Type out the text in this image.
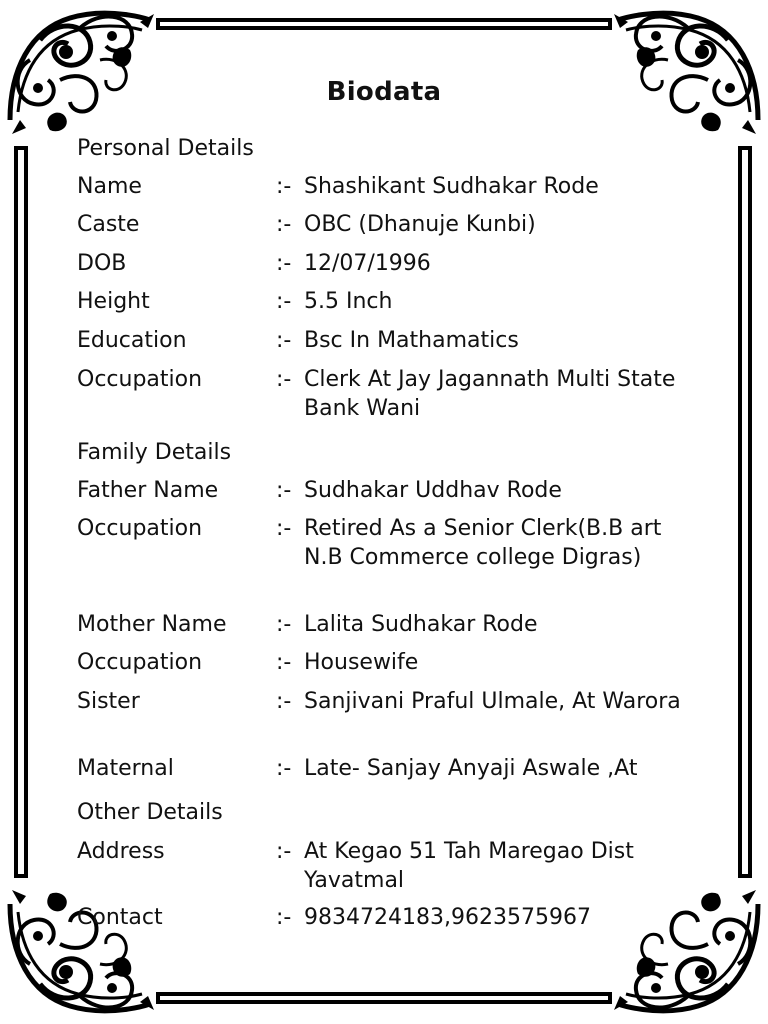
Biodata
Personal Details
Name	:- Shashikant Sudhakar Rode
Caste	:- OBC (Dhanuje Kunbi)
DOB	:- 12/07/1996
Height	:- 5.5 Inch
Education	:- Bsc In Mathamatics
Occupation	:- Clerk At Jay Jagannath Multi State Bank Wani
Family Details
Father Name	:- Sudhakar Uddhav Rode
Occupation	:- Retired As a Senior Clerk(B.B art N.B Commerce college Digras)
Mother Name :- Lalita Sudhakar Rode
Occupation	:- Housewife
Sister	:- Sanjivani Praful Ulmale, At Warora
Maternal	:- Late- Sanjay Anyaji Aswale ,At
Other Details
Address	:- At Kegao 51 Tah Maregao Dist Yavatmal
Contact	:- 9834724183,9623575967
